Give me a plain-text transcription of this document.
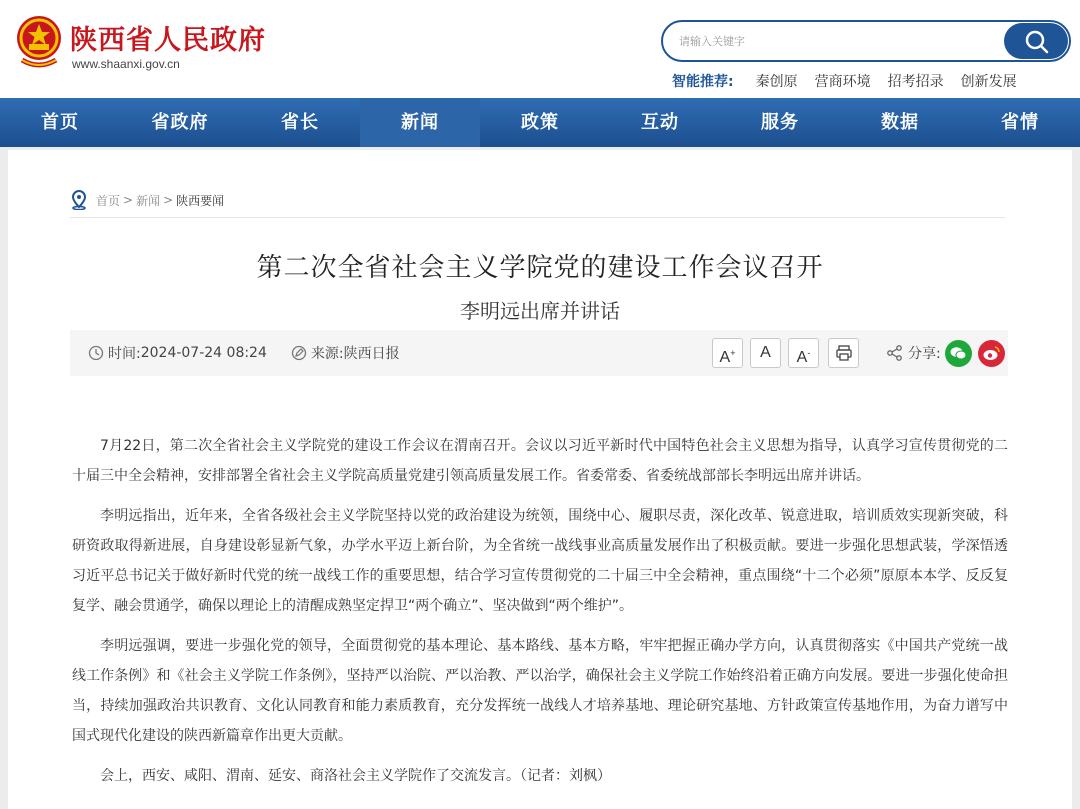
陕西省人民政府
www.shaanxi.gov.cn
请输入关键字
智能推荐: 秦创原 营商环境 招考招录 创新发展
首页	省政府	省长	新闻	政策	互动	服务	数据	省情
首页 > 新闻 > 陕西要闻
第二次全省社会主义学院党的建设工作会议召开
李明远出席并讲话
时间: 2024-07-24 08:24	来源: 陕西日报	A+	A	A-	分享:

7月22日，第二次全省社会主义学院党的建设工作会议在渭南召开。会议以习近平新时代中国特色社会主义思想为指导，认真学习宣传贯彻党的二十届三中全会精神，安排部署全省社会主义学院高质量党建引领高质量发展工作。省委常委、省委统战部部长李明远出席并讲话。

李明远指出，近年来，全省各级社会主义学院坚持以党的政治建设为统领，围绕中心、履职尽责，深化改革、锐意进取，培训质效实现新突破，科研资政取得新进展，自身建设彰显新气象，办学水平迈上新台阶，为全省统一战线事业高质量发展作出了积极贡献。要进一步强化思想武装，学深悟透习近平总书记关于做好新时代党的统一战线工作的重要思想，结合学习宣传贯彻党的二十届三中全会精神，重点围绕“十二个必须”原原本本学、反反复复学、融会贯通学，确保以理论上的清醒成熟坚定捍卫“两个确立”、坚决做到“两个维护”。

李明远强调，要进一步强化党的领导，全面贯彻党的基本理论、基本路线、基本方略，牢牢把握正确办学方向，认真贯彻落实《中国共产党统一战线工作条例》和《社会主义学院工作条例》，坚持严以治院、严以治教、严以治学，确保社会主义学院工作始终沿着正确方向发展。要进一步强化使命担当，持续加强政治共识教育、文化认同教育和能力素质教育，充分发挥统一战线人才培养基地、理论研究基地、方针政策宣传基地作用，为奋力谱写中国式现代化建设的陕西新篇章作出更大贡献。

会上，西安、咸阳、渭南、延安、商洛社会主义学院作了交流发言。（记者：刘枫）
